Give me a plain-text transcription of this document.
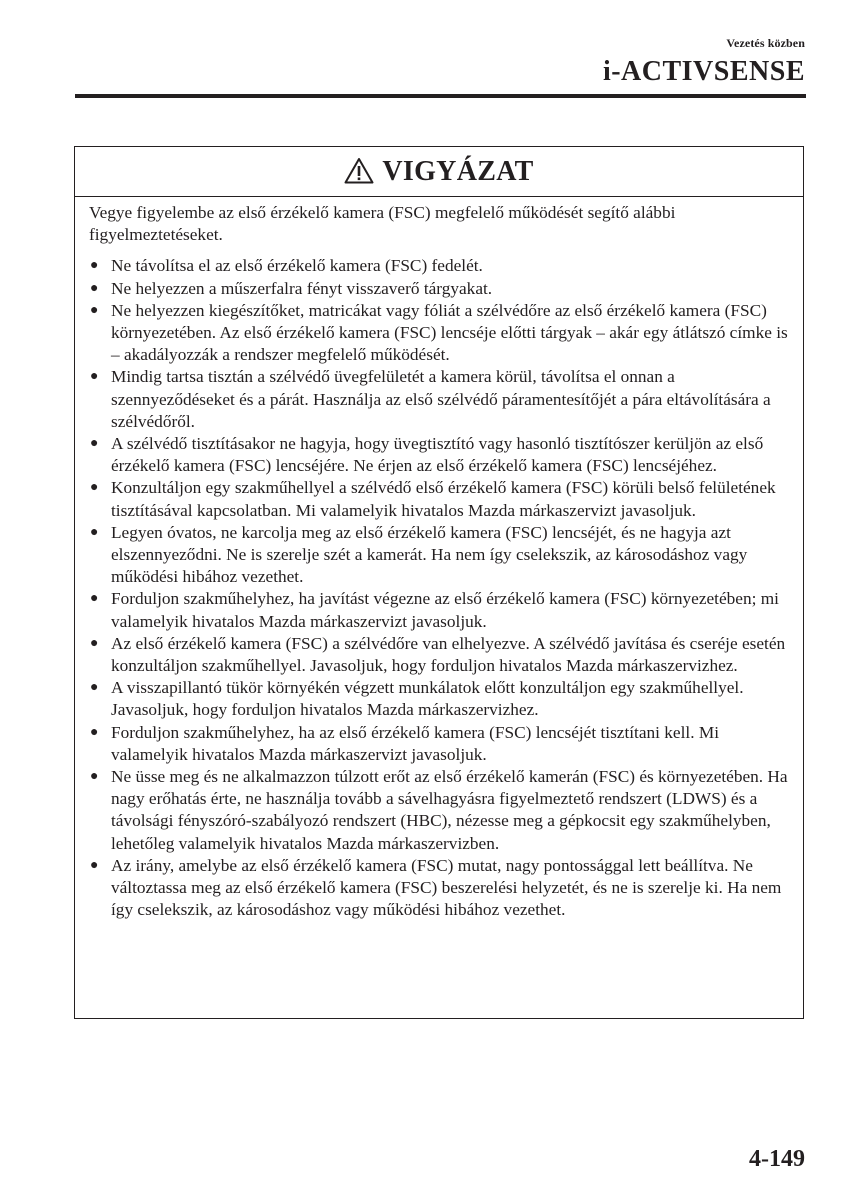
Vezetés közben
i-ACTIVSENSE
VIGYÁZAT

Vegye figyelembe az első érzékelő kamera (FSC) megfelelő működését segítő alábbi figyelmeztetéseket.

● Ne távolítsa el az első érzékelő kamera (FSC) fedelét.
● Ne helyezzen a műszerfalra fényt visszaverő tárgyakat.
● Ne helyezzen kiegészítőket, matricákat vagy fóliát a szélvédőre az első érzékelő kamera (FSC) környezetében. Az első érzékelő kamera (FSC) lencséje előtti tárgyak – akár egy átlátszó címke is – akadályozzák a rendszer megfelelő működését.
● Mindig tartsa tisztán a szélvédő üvegfelületét a kamera körül, távolítsa el onnan a szennyeződéseket és a párát. Használja az első szélvédő páramentesítőjét a pára eltávolítására a szélvédőről.
● A szélvédő tisztításakor ne hagyja, hogy üvegtisztító vagy hasonló tisztítószer kerüljön az első érzékelő kamera (FSC) lencséjére. Ne érjen az első érzékelő kamera (FSC) lencséjéhez.
● Konzultáljon egy szakműhellyel a szélvédő első érzékelő kamera (FSC) körüli belső felületének tisztításával kapcsolatban. Mi valamelyik hivatalos Mazda márkaszervizt javasoljuk.
● Legyen óvatos, ne karcolja meg az első érzékelő kamera (FSC) lencséjét, és ne hagyja azt elszennyeződni. Ne is szerelje szét a kamerát. Ha nem így cselekszik, az károsodáshoz vagy működési hibához vezethet.
● Forduljon szakműhelyhez, ha javítást végezne az első érzékelő kamera (FSC) környezetében; mi valamelyik hivatalos Mazda márkaszervizt javasoljuk.
● Az első érzékelő kamera (FSC) a szélvédőre van elhelyezve. A szélvédő javítása és cseréje esetén konzultáljon szakműhellyel. Javasoljuk, hogy forduljon hivatalos Mazda márkaszervizhez.
● A visszapillantó tükör környékén végzett munkálatok előtt konzultáljon egy szakműhellyel. Javasoljuk, hogy forduljon hivatalos Mazda márkaszervizhez.
● Forduljon szakműhelyhez, ha az első érzékelő kamera (FSC) lencséjét tisztítani kell. Mi valamelyik hivatalos Mazda márkaszervizt javasoljuk.
● Ne üsse meg és ne alkalmazzon túlzott erőt az első érzékelő kamerán (FSC) és környezetében. Ha nagy erőhatás érte, ne használja tovább a sávelhagyásra figyelmeztető rendszert (LDWS) és a távolsági fényszóró-szabályozó rendszert (HBC), nézesse meg a gépkocsit egy szakműhelyben, lehetőleg valamelyik hivatalos Mazda márkaszervizben.
● Az irány, amelybe az első érzékelő kamera (FSC) mutat, nagy pontossággal lett beállítva. Ne változtassa meg az első érzékelő kamera (FSC) beszerelési helyzetét, és ne is szerelje ki. Ha nem így cselekszik, az károsodáshoz vagy működési hibához vezethet.
4-149
